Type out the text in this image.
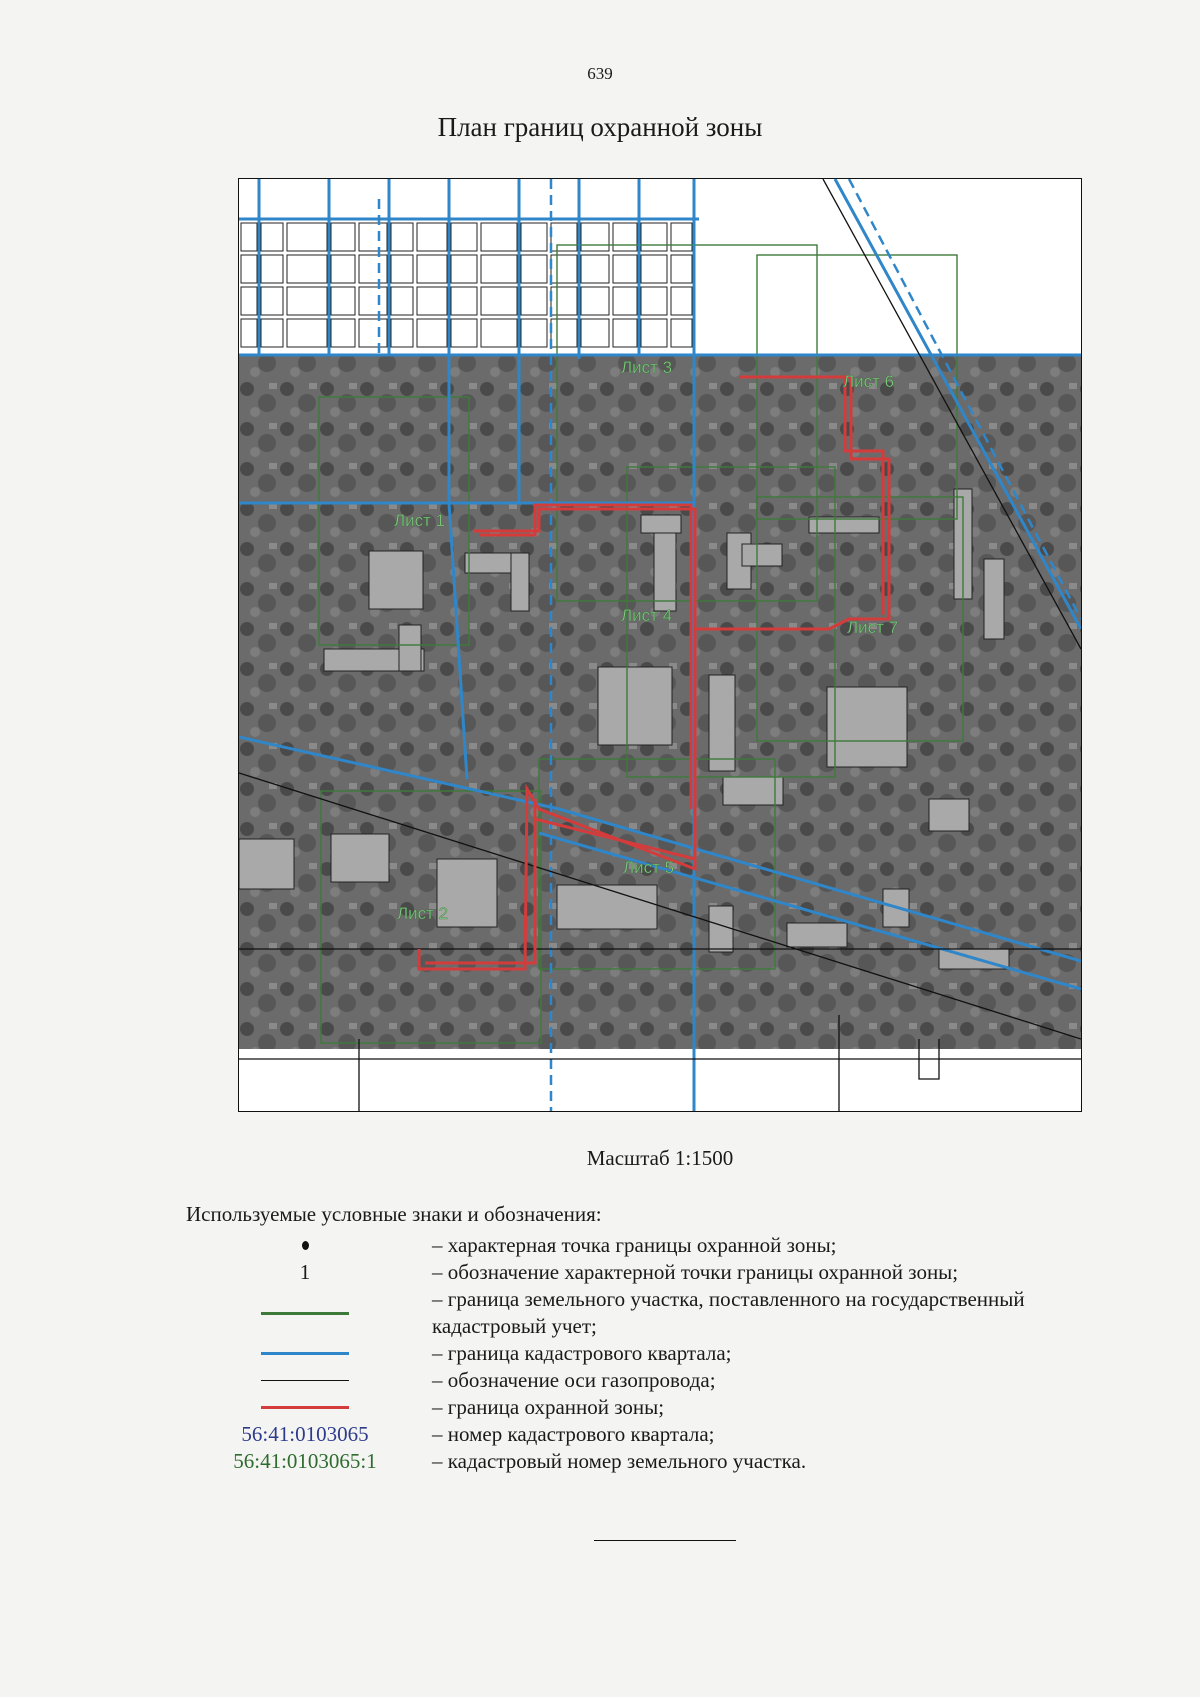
639
План границ охранной зоны
Лист 1
Лист 2
Лист 3
Лист 4
Лист 5
Лист 6
Лист 7
Масштаб 1:1500
Используемые условные знаки и обозначения:
– характерная точка границы охранной зоны;
1	– обозначение характерной точки границы охранной зоны;
– граница земельного участка, поставленного на государственный кадастровый учет;
– граница кадастрового квартала;
– обозначение оси газопровода;
– граница охранной зоны;
56:41:0103065	– номер кадастрового квартала;
56:41:0103065:1	– кадастровый номер земельного участка.
